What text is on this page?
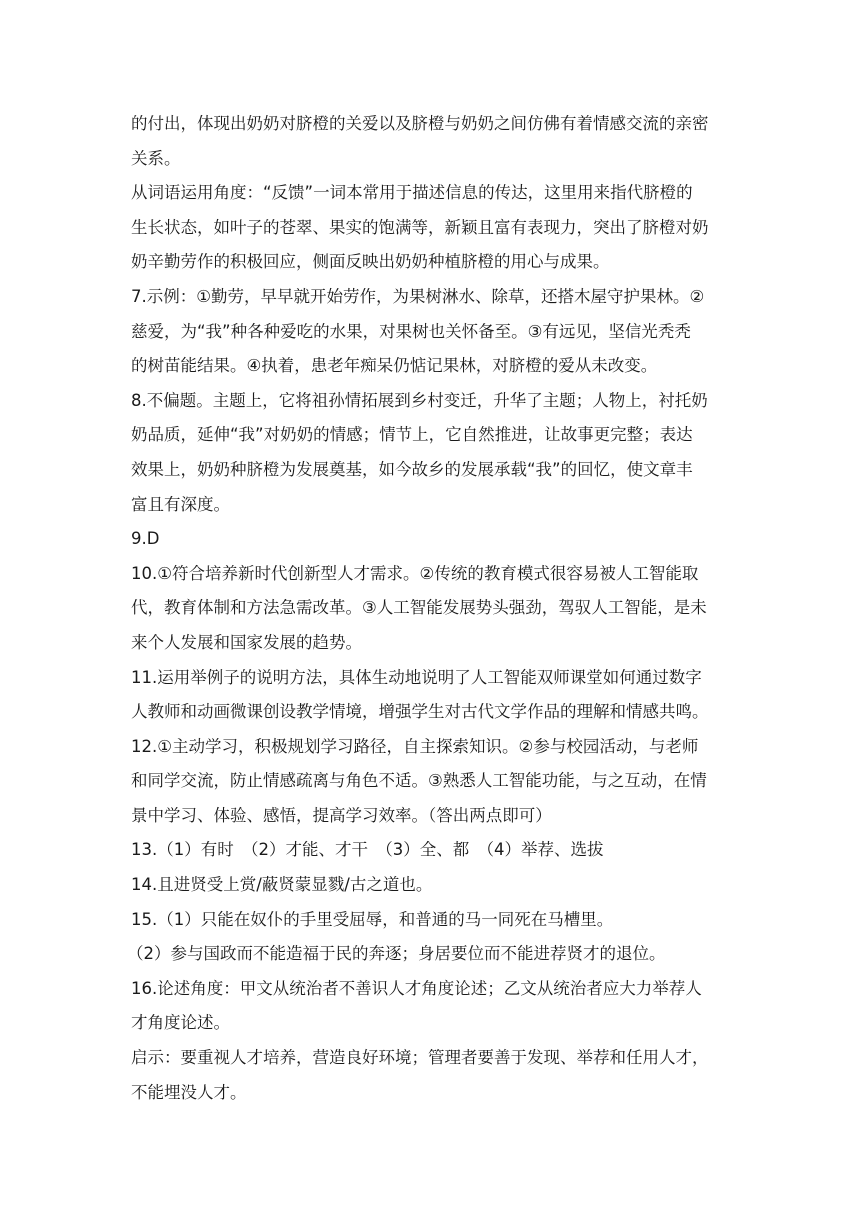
的付出，体现出奶奶对脐橙的关爱以及脐橙与奶奶之间仿佛有着情感交流的亲密
关系。
从词语运用角度：“反馈”一词本常用于描述信息的传达，这里用来指代脐橙的
生长状态，如叶子的苍翠、果实的饱满等，新颖且富有表现力，突出了脐橙对奶
奶辛勤劳作的积极回应，侧面反映出奶奶种植脐橙的用心与成果。
7.示例：①勤劳，早早就开始劳作，为果树淋水、除草，还搭木屋守护果林。②
慈爱，为“我”种各种爱吃的水果，对果树也关怀备至。③有远见，坚信光秃秃
的树苗能结果。④执着，患老年痴呆仍惦记果林，对脐橙的爱从未改变。
8.不偏题。主题上，它将祖孙情拓展到乡村变迁，升华了主题；人物上，衬托奶
奶品质，延伸“我”对奶奶的情感；情节上，它自然推进，让故事更完整；表达
效果上，奶奶种脐橙为发展奠基，如今故乡的发展承载“我”的回忆，使文章丰
富且有深度。
9.D
10.①符合培养新时代创新型人才需求。②传统的教育模式很容易被人工智能取
代，教育体制和方法急需改革。③人工智能发展势头强劲，驾驭人工智能，是未
来个人发展和国家发展的趋势。
11.运用举例子的说明方法，具体生动地说明了人工智能双师课堂如何通过数字
人教师和动画微课创设教学情境，增强学生对古代文学作品的理解和情感共鸣。
12.①主动学习，积极规划学习路径，自主探索知识。②参与校园活动，与老师
和同学交流，防止情感疏离与角色不适。③熟悉人工智能功能，与之互动，在情
景中学习、体验、感悟，提高学习效率。（答出两点即可）
13.（1）有时　（2）才能、才干　（3）全、都　（4）举荐、选拔
14.且进贤受上赏/蔽贤蒙显戮/古之道也。
15.（1）只能在奴仆的手里受屈辱，和普通的马一同死在马槽里。
（2）参与国政而不能造福于民的奔逐；身居要位而不能进荐贤才的退位。
16.论述角度：甲文从统治者不善识人才角度论述；乙文从统治者应大力举荐人
才角度论述。
启示：要重视人才培养，营造良好环境；管理者要善于发现、举荐和任用人才，
不能埋没人才。
